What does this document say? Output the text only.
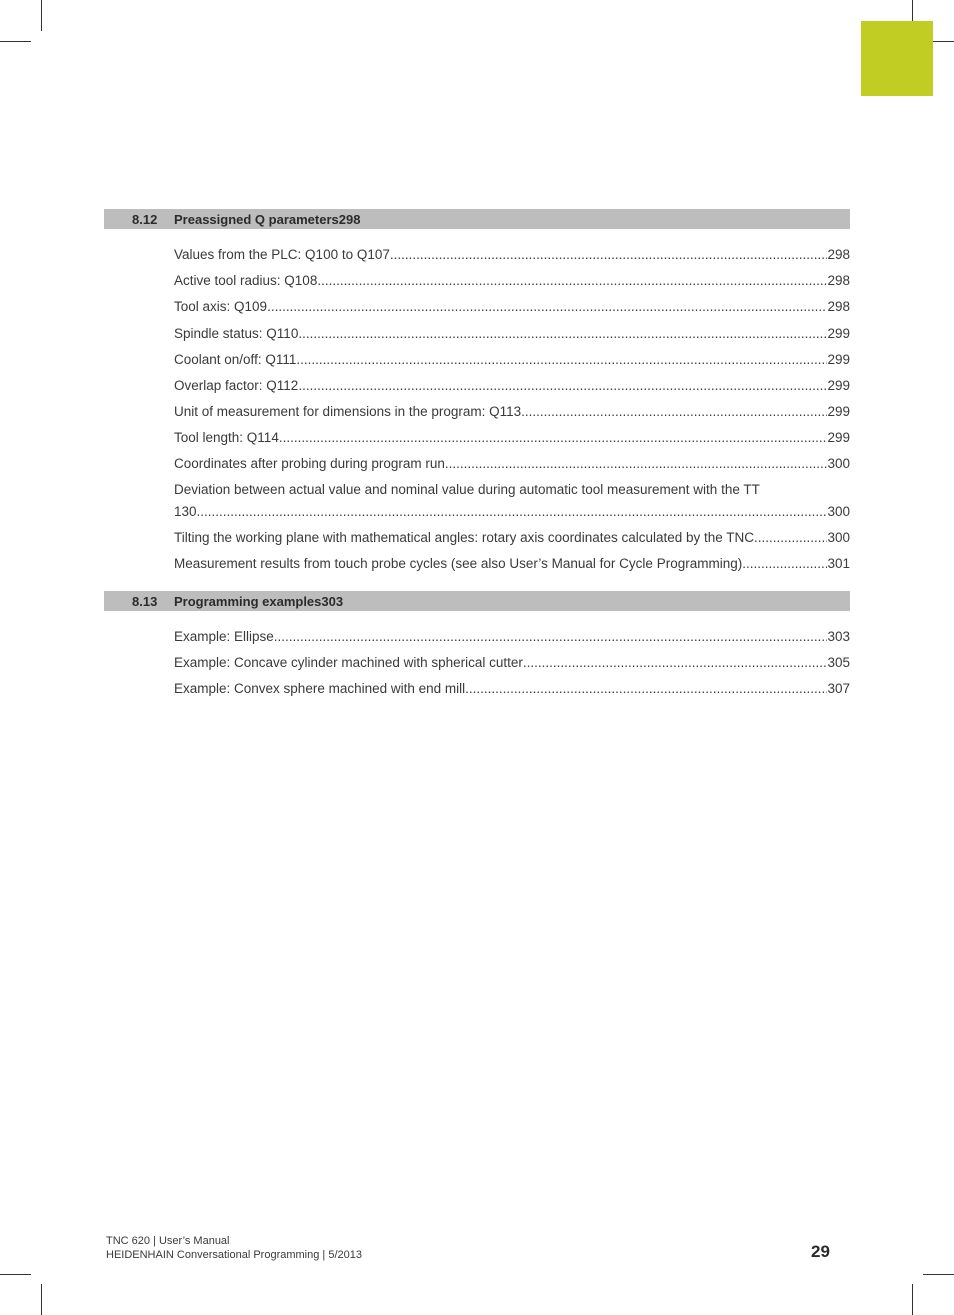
8.12 Preassigned Q parameters 298
Values from the PLC: Q100 to Q107 .....	298
Active tool radius: Q108 .....	298
Tool axis: Q109 .....	298
Spindle status: Q110 .....	299
Coolant on/off: Q111 .....	299
Overlap factor: Q112 .....	299
Unit of measurement for dimensions in the program: Q113 .....	299
Tool length: Q114 .....	299
Coordinates after probing during program run .....	300
Deviation between actual value and nominal value during automatic tool measurement with the TT
130 .....	300
Tilting the working plane with mathematical angles: rotary axis coordinates calculated by the TNC .....	300
Measurement results from touch probe cycles (see also User’s Manual for Cycle Programming) .....	301
8.13 Programming examples 303
Example: Ellipse .....	303
Example: Concave cylinder machined with spherical cutter .....	305
Example: Convex sphere machined with end mill .....	307
TNC 620 | User’s Manual
HEIDENHAIN Conversational Programming | 5/2013	29
